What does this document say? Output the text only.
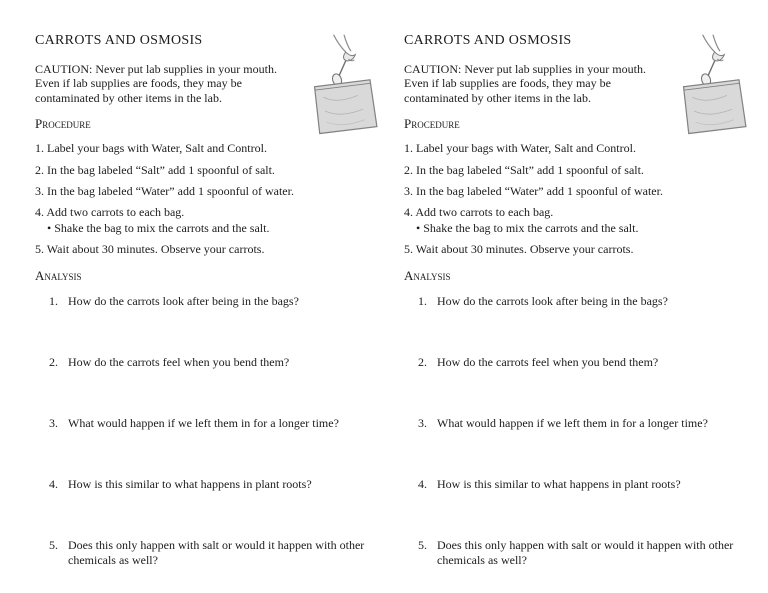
CARROTS AND OSMOSIS

CAUTION: Never put lab supplies in your mouth. Even if lab supplies are foods, they may be contaminated by other items in the lab.

Procedure
1. Label your bags with Water, Salt and Control.
2. In the bag labeled “Salt” add 1 spoonful of salt.
3. In the bag labeled “Water” add 1 spoonful of water.
4. Add two carrots to each bag.
• Shake the bag to mix the carrots and the salt.
5. Wait about 30 minutes. Observe your carrots.
Analysis
1. How do the carrots look after being in the bags?
2. How do the carrots feel when you bend them?
3. What would happen if we left them in for a longer time?
4. How is this similar to what happens in plant roots?
5. Does this only happen with salt or would it happen with other chemicals as well?
CARROTS AND OSMOSIS

CAUTION: Never put lab supplies in your mouth. Even if lab supplies are foods, they may be contaminated by other items in the lab.

Procedure
1. Label your bags with Water, Salt and Control.
2. In the bag labeled “Salt” add 1 spoonful of salt.
3. In the bag labeled “Water” add 1 spoonful of water.
4. Add two carrots to each bag.
• Shake the bag to mix the carrots and the salt.
5. Wait about 30 minutes. Observe your carrots.
Analysis
1. How do the carrots look after being in the bags?
2. How do the carrots feel when you bend them?
3. What would happen if we left them in for a longer time?
4. How is this similar to what happens in plant roots?
5. Does this only happen with salt or would it happen with other chemicals as well?
